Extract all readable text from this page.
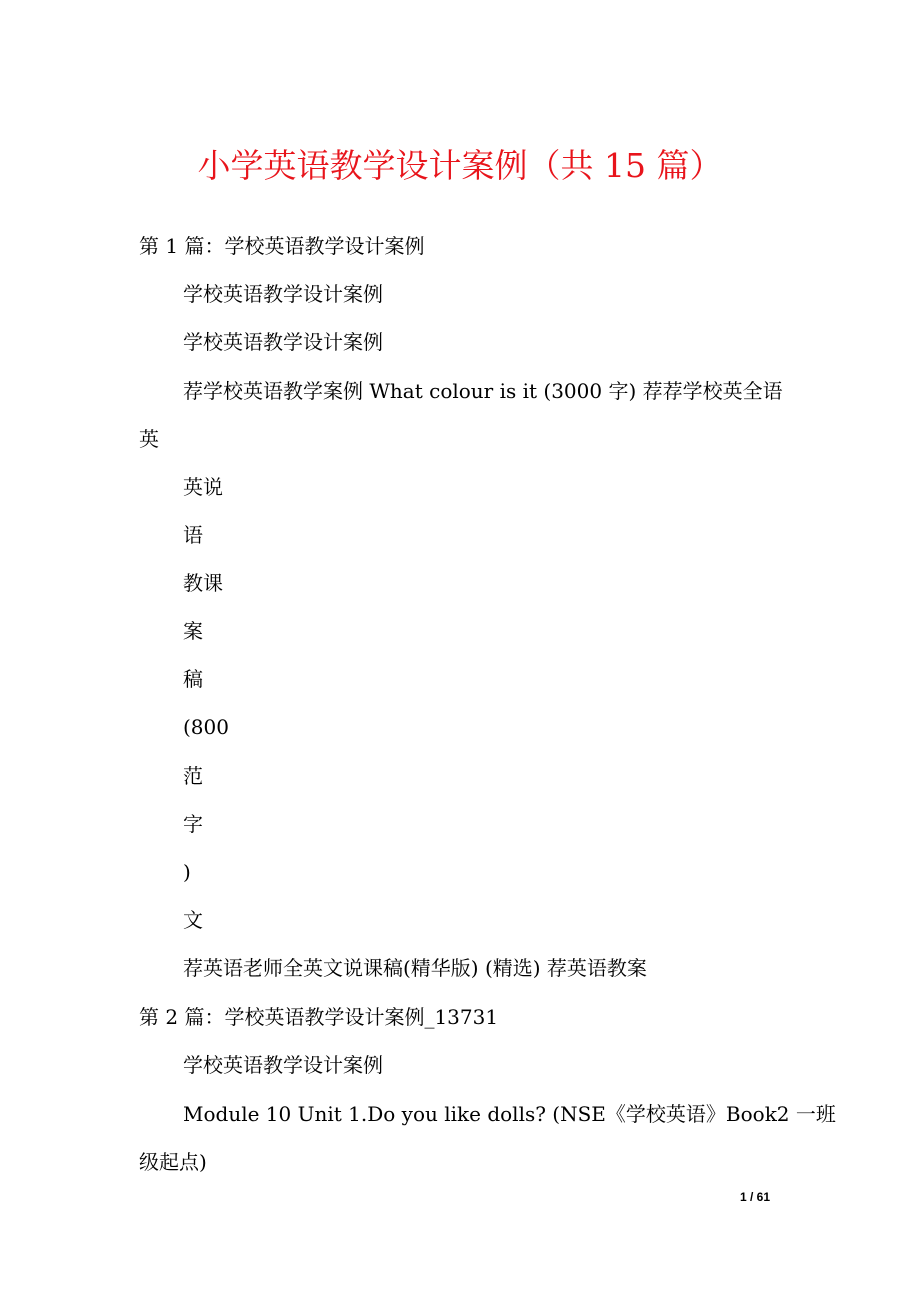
小学英语教学设计案例（共 15 篇）
第 1 篇：学校英语教学设计案例
学校英语教学设计案例
学校英语教学设计案例
荐学校英语教学案例 What colour is it (3000 字) 荐荐学校英全语
英
英说
语
教课
案
稿
(800
范
字
)
文
荐英语老师全英文说课稿(精华版) (精选) 荐英语教案
第 2 篇：学校英语教学设计案例_13731
学校英语教学设计案例
Module 10 Unit 1.Do you like dolls? (NSE《学校英语》Book2 一班
级起点)
1 / 61
